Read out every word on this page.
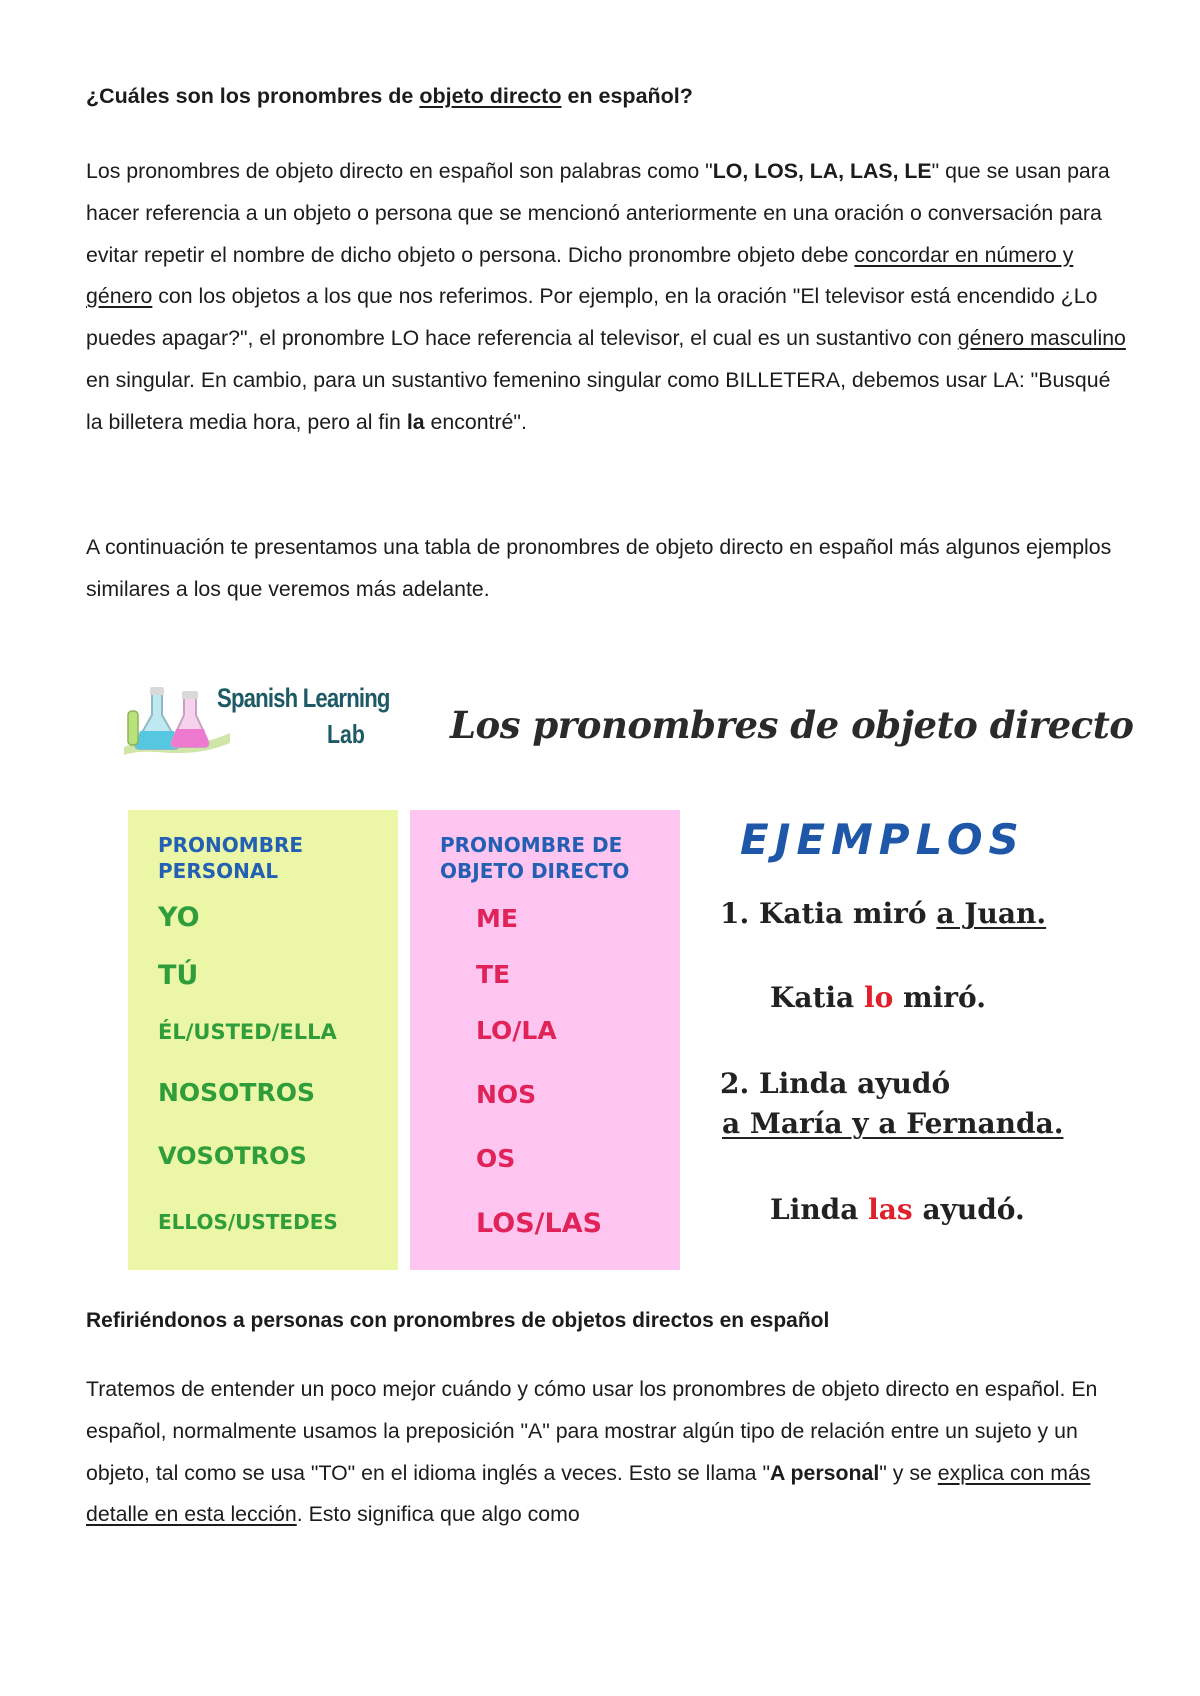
¿Cuáles son los pronombres de objeto directo en español?
Los pronombres de objeto directo en español son palabras como "LO, LOS, LA, LAS, LE" que se usan para hacer referencia a un objeto o persona que se mencionó anteriormente en una oración o conversación para evitar repetir el nombre de dicho objeto o persona. Dicho pronombre objeto debe concordar en número y género con los objetos a los que nos referimos. Por ejemplo, en la oración "El televisor está encendido ¿Lo puedes apagar?", el pronombre LO hace referencia al televisor, el cual es un sustantivo con género masculino en singular. En cambio, para un sustantivo femenino singular como BILLETERA, debemos usar LA: "Busqué la billetera media hora, pero al fin la encontré".
A continuación te presentamos una tabla de pronombres de objeto directo en español más algunos ejemplos similares a los que veremos más adelante.
Refiriéndonos a personas con pronombres de objetos directos en español
Tratemos de entender un poco mejor cuándo y cómo usar los pronombres de objeto directo en español. En español, normalmente usamos la preposición "A" para mostrar algún tipo de relación entre un sujeto y un objeto, tal como se usa "TO" en el idioma inglés a veces. Esto se llama "A personal" y se explica con más detalle en esta lección. Esto significa que algo como
Spanish Learning
Lab Los pronombres de objeto directo
PRONOMBRE PERSONAL
YO
TÚ
ÉL/USTED/ELLA
NOSOTROS
VOSOTROS
ELLOS/USTEDES
PRONOMBRE DE OBJETO DIRECTO
ME
TE
LO/LA
NOS
OS
LOS/LAS
EJEMPLOS
1. Katia miró a Juan.
Katia lo miró.
2. Linda ayudó
a María y a Fernanda.
Linda las ayudó.
